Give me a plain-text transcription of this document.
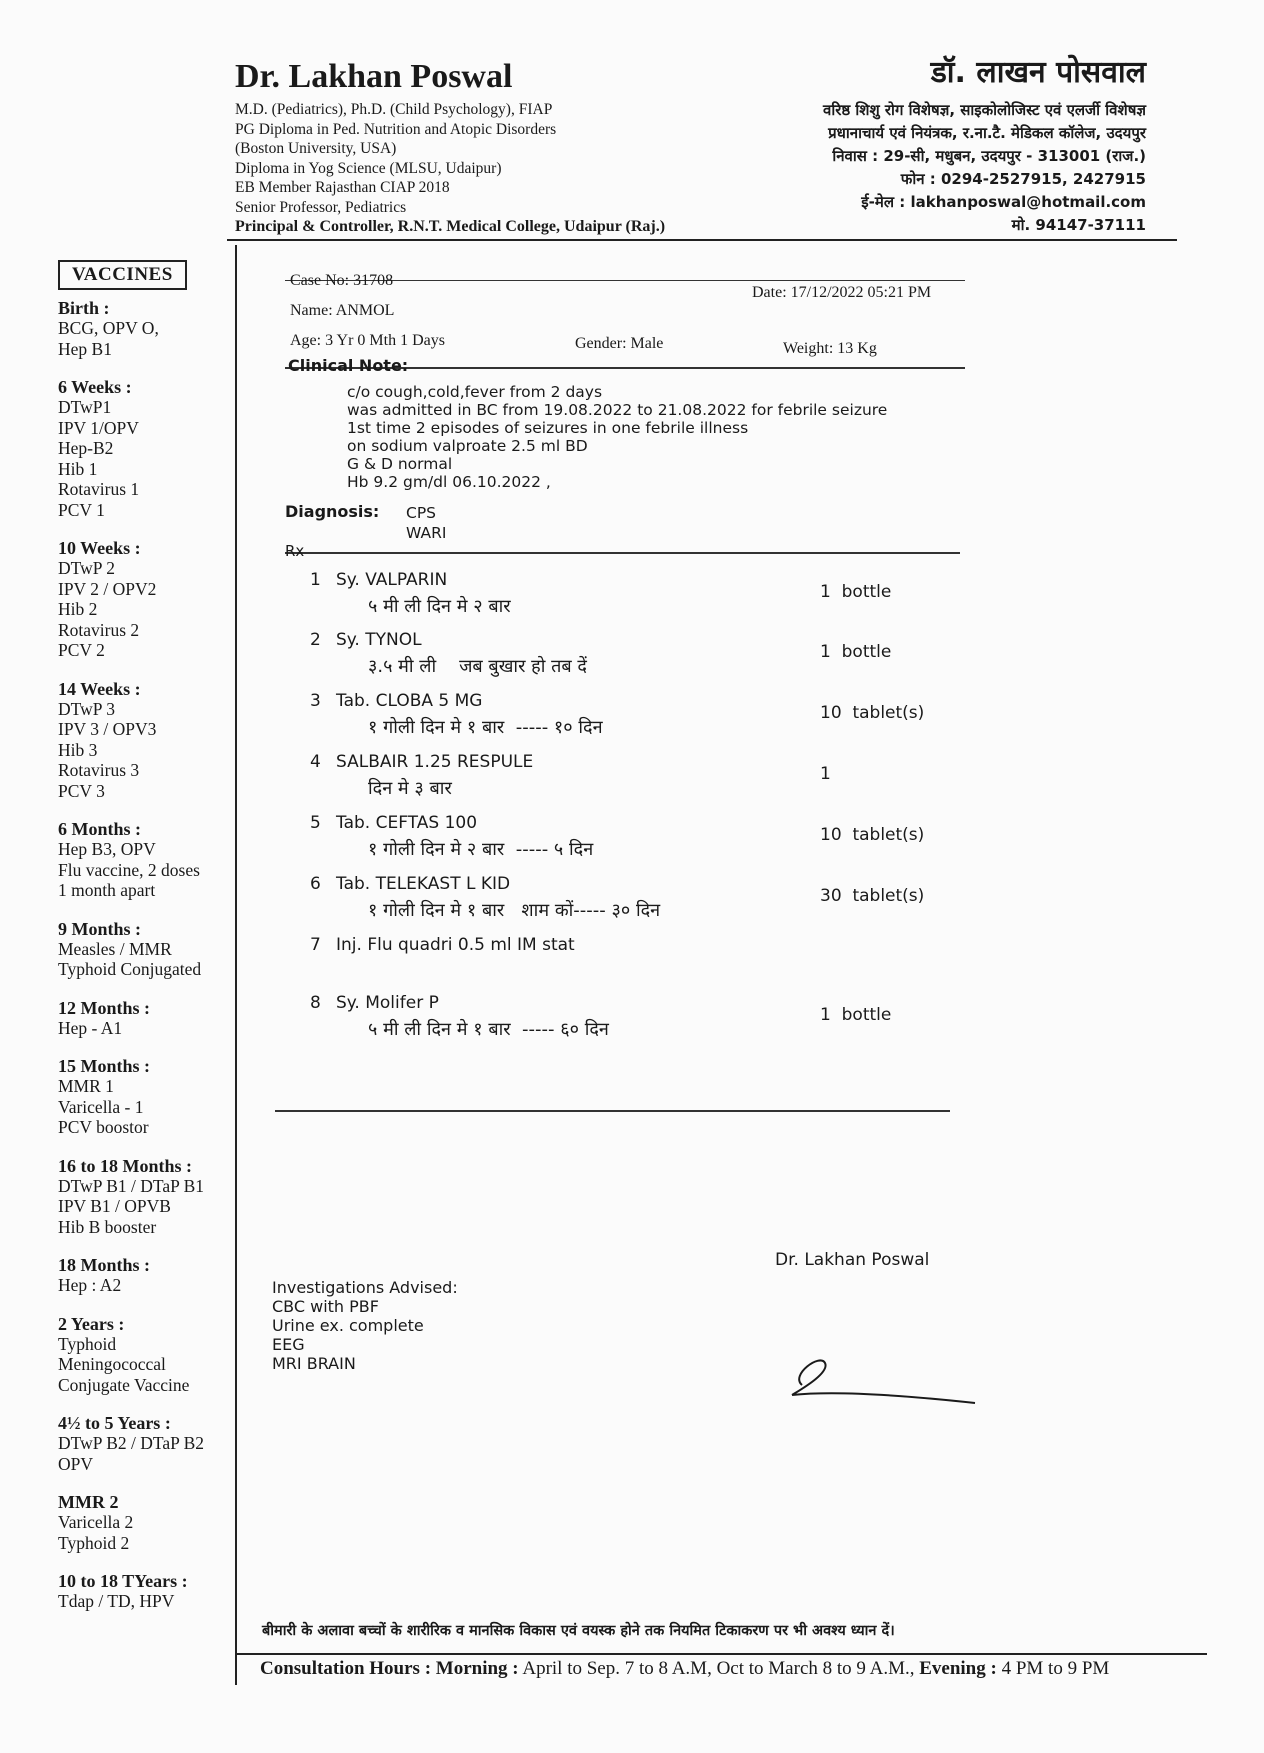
Dr. Lakhan Poswal
M.D. (Pediatrics), Ph.D. (Child Psychology), FIAP
PG Diploma in Ped. Nutrition and Atopic Disorders
(Boston University, USA)
Diploma in Yog Science (MLSU, Udaipur)
EB Member Rajasthan CIAP 2018
Senior Professor, Pediatrics
Principal & Controller, R.N.T. Medical College, Udaipur (Raj.)
डॉ. लाखन पोसवाल
वरिष्ठ शिशु रोग विशेषज्ञ, साइकोलोजिस्ट एवं एलर्जी विशेषज्ञ
प्रधानाचार्य एवं नियंत्रक, र.ना.टै. मेडिकल कॉलेज, उदयपुर
निवास : 29-सी, मधुबन, उदयपुर - 313001 (राज.)
फोन : 0294-2527915, 2427915
ई-मेल : lakhanposwal@hotmail.com
मो. 94147-37111
VACCINES
Birth :
BCG, OPV O,
Hep B1
6 Weeks :
DTwP1
IPV 1/OPV
Hep-B2
Hib 1
Rotavirus 1
PCV 1
10 Weeks :
DTwP 2
IPV 2 / OPV2
Hib 2
Rotavirus 2
PCV 2
14 Weeks :
DTwP 3
IPV 3 / OPV3
Hib 3
Rotavirus 3
PCV 3
6 Months :
Hep B3, OPV
Flu vaccine, 2 doses
1 month apart
9 Months :
Measles / MMR
Typhoid Conjugated
12 Months :
Hep - A1
15 Months :
MMR 1
Varicella - 1
PCV boostor
16 to 18 Months :
DTwP B1 / DTaP B1
IPV B1 / OPVB
Hib B booster
18 Months :
Hep : A2
2 Years :
Typhoid
Meningococcal
Conjugate Vaccine
4½ to 5 Years :
DTwP B2 / DTaP B2
OPV
MMR 2
Varicella 2
Typhoid 2
10 to 18 TYears :
Tdap / TD, HPV
Case No: 31708
Date: 17/12/2022 05:21 PM
Name: ANMOL
Age: 3 Yr 0 Mth 1 Days	Gender: Male	Weight: 13 Kg
Clinical Note:
c/o cough,cold,fever from 2 days
was admitted in BC from 19.08.2022 to 21.08.2022 for febrile seizure
1st time 2 episodes of seizures in one febrile illness
on sodium valproate 2.5 ml BD
G & D normal
Hb 9.2 gm/dl 06.10.2022 ,
Diagnosis: CPS
WARI
Rx
1 Sy. VALPARIN
५ मी ली दिन मे २ बार
1  bottle
2 Sy. TYNOL
३.५ मी ली    जब बुखार हो तब दें
1  bottle
3 Tab. CLOBA 5 MG
१ गोली दिन मे १ बार  ----- १० दिन
10  tablet(s)
4 SALBAIR 1.25 RESPULE
दिन मे ३ बार
1
5 Tab. CEFTAS 100
१ गोली दिन मे २ बार  ----- ५ दिन
10  tablet(s)
6 Tab. TELEKAST L KID
१ गोली दिन मे १ बार   शाम कों----- ३० दिन
30  tablet(s)
7 Inj. Flu quadri 0.5 ml IM stat
8 Sy. Molifer P
५ मी ली दिन मे १ बार  ----- ६० दिन
1  bottle
Dr. Lakhan Poswal
Investigations Advised:
CBC with PBF
Urine ex. complete
EEG
MRI BRAIN
बीमारी के अलावा बच्चों के शारीरिक व मानसिक विकास एवं वयस्क होने तक नियमित टिकाकरण पर भी अवश्य ध्यान दें।
Consultation Hours : Morning : April to Sep. 7 to 8 A.M, Oct to March 8 to 9 A.M., Evening : 4 PM to 9 PM
